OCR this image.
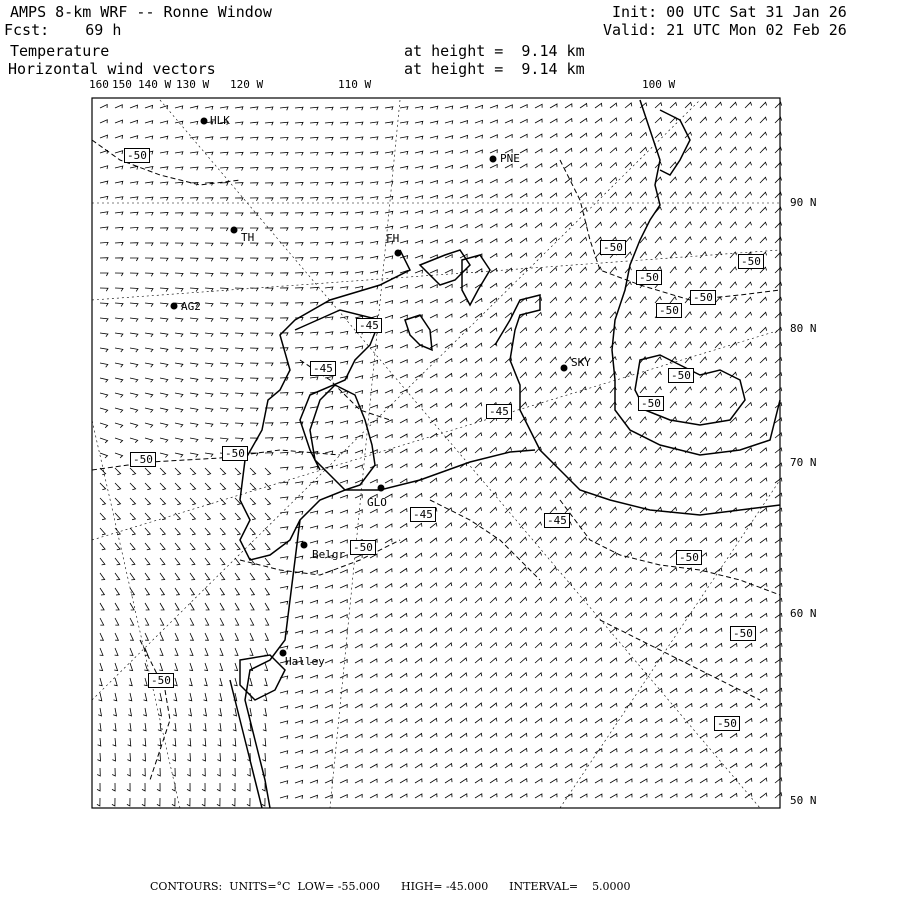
AMPS 8-km WRF -- Ronne Window
Fcst:    69 h
Init: 00 UTC Sat 31 Jan 26
Valid: 21 UTC Mon 02 Feb 26
Temperature
Horizontal wind vectors
at height =  9.14 km
at height =  9.14 km
160 150 140 W 130 W 120 W	110 W	100 W
90 N
80 N
70 N
60 N
50 N
HLK
PNE
TH	FH
AG2
SKY
GLO
Belgr
Halley
-50
-50
-45
-45
-50
-50
-50
-50
-45
-50
-45
-50
-50
-50
-45
-50
-50
-50
-50
-50
CONTOURS:  UNITS=°C  LOW= -55.000      HIGH= -45.000      INTERVAL=    5.0000
